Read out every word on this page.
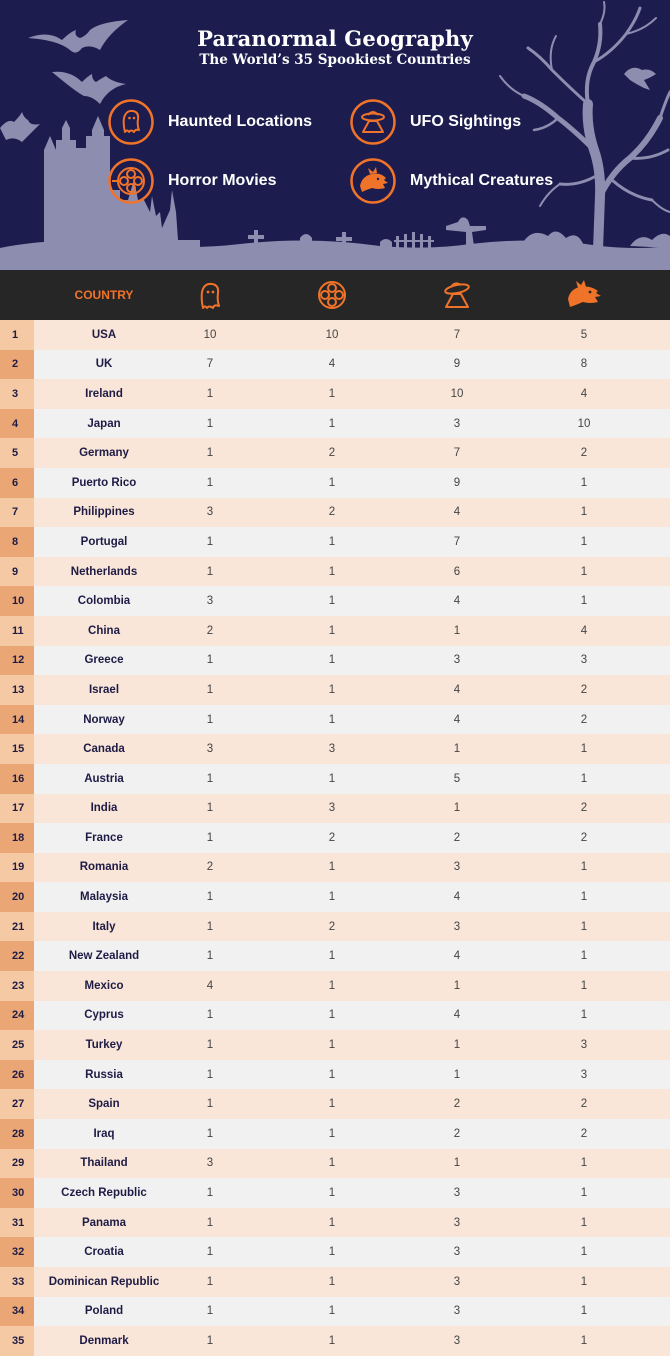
Paranormal Geography
The World’s 35 Spookiest Countries
Haunted Locations	UFO Sightings
Horror Movies	Mythical Creatures
COUNTRY
1	USA	10	10	7	5
2	UK	7	4	9	8
3	Ireland	1	1	10	4
4	Japan	1	1	3	10
5	Germany	1	2	7	2
6	Puerto Rico	1	1	9	1
7	Philippines	3	2	4	1
8	Portugal	1	1	7	1
9	Netherlands	1	1	6	1
10	Colombia	3	1	4	1
11	China	2	1	1	4
12	Greece	1	1	3	3
13	Israel	1	1	4	2
14	Norway	1	1	4	2
15	Canada	3	3	1	1
16	Austria	1	1	5	1
17	India	1	3	1	2
18	France	1	2	2	2
19	Romania	2	1	3	1
20	Malaysia	1	1	4	1
21	Italy	1	2	3	1
22	New Zealand	1	1	4	1
23	Mexico	4	1	1	1
24	Cyprus	1	1	4	1
25	Turkey	1	1	1	3
26	Russia	1	1	1	3
27	Spain	1	1	2	2
28	Iraq	1	1	2	2
29	Thailand	3	1	1	1
30	Czech Republic	1	1	3	1
31	Panama	1	1	3	1
32	Croatia	1	1	3	1
33	Dominican Republic	1	1	3	1
34	Poland	1	1	3	1
35	Denmark	1	1	3	1
